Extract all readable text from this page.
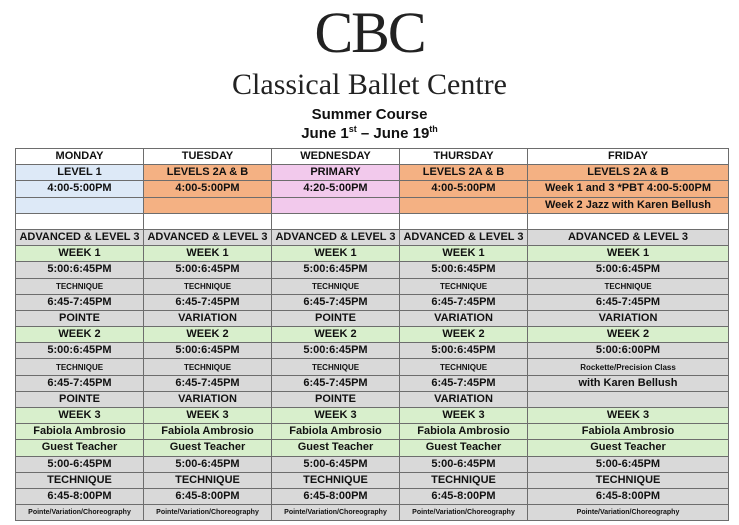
CBC
Classical Ballet Centre
Summer Course
June 1st – June 19th
MONDAY	TUESDAY	WEDNESDAY	THURSDAY	FRIDAY
LEVEL 1	LEVELS 2A & B	PRIMARY	LEVELS 2A & B	LEVELS 2A & B
4:00-5:00PM	4:00-5:00PM	4:20-5:00PM	4:00-5:00PM	Week 1 and 3 *PBT 4:00-5:00PM
				Week 2 Jazz with Karen Bellush

ADVANCED & LEVEL 3	ADVANCED & LEVEL 3	ADVANCED & LEVEL 3	ADVANCED & LEVEL 3	ADVANCED & LEVEL 3
WEEK 1	WEEK 1	WEEK 1	WEEK 1	WEEK 1
5:00:6:45PM	5:00:6:45PM	5:00:6:45PM	5:00:6:45PM	5:00:6:45PM
TECHNIQUE	TECHNIQUE	TECHNIQUE	TECHNIQUE	TECHNIQUE
6:45-7:45PM	6:45-7:45PM	6:45-7:45PM	6:45-7:45PM	6:45-7:45PM
POINTE	VARIATION	POINTE	VARIATION	VARIATION
WEEK 2	WEEK 2	WEEK 2	WEEK 2	WEEK 2
5:00:6:45PM	5:00:6:45PM	5:00:6:45PM	5:00:6:45PM	5:00:6:00PM
TECHNIQUE	TECHNIQUE	TECHNIQUE	TECHNIQUE	Rockette/Precision Class
6:45-7:45PM	6:45-7:45PM	6:45-7:45PM	6:45-7:45PM	with Karen Bellush
POINTE	VARIATION	POINTE	VARIATION	
WEEK 3	WEEK 3	WEEK 3	WEEK 3	WEEK 3
Fabiola Ambrosio	Fabiola Ambrosio	Fabiola Ambrosio	Fabiola Ambrosio	Fabiola Ambrosio
Guest Teacher	Guest Teacher	Guest Teacher	Guest Teacher	Guest Teacher
5:00-6:45PM	5:00-6:45PM	5:00-6:45PM	5:00-6:45PM	5:00-6:45PM
TECHNIQUE	TECHNIQUE	TECHNIQUE	TECHNIQUE	TECHNIQUE
6:45-8:00PM	6:45-8:00PM	6:45-8:00PM	6:45-8:00PM	6:45-8:00PM
Pointe/Variation/Choreography	Pointe/Variation/Choreography	Pointe/Variation/Choreography	Pointe/Variation/Choreography	Pointe/Variation/Choreography
